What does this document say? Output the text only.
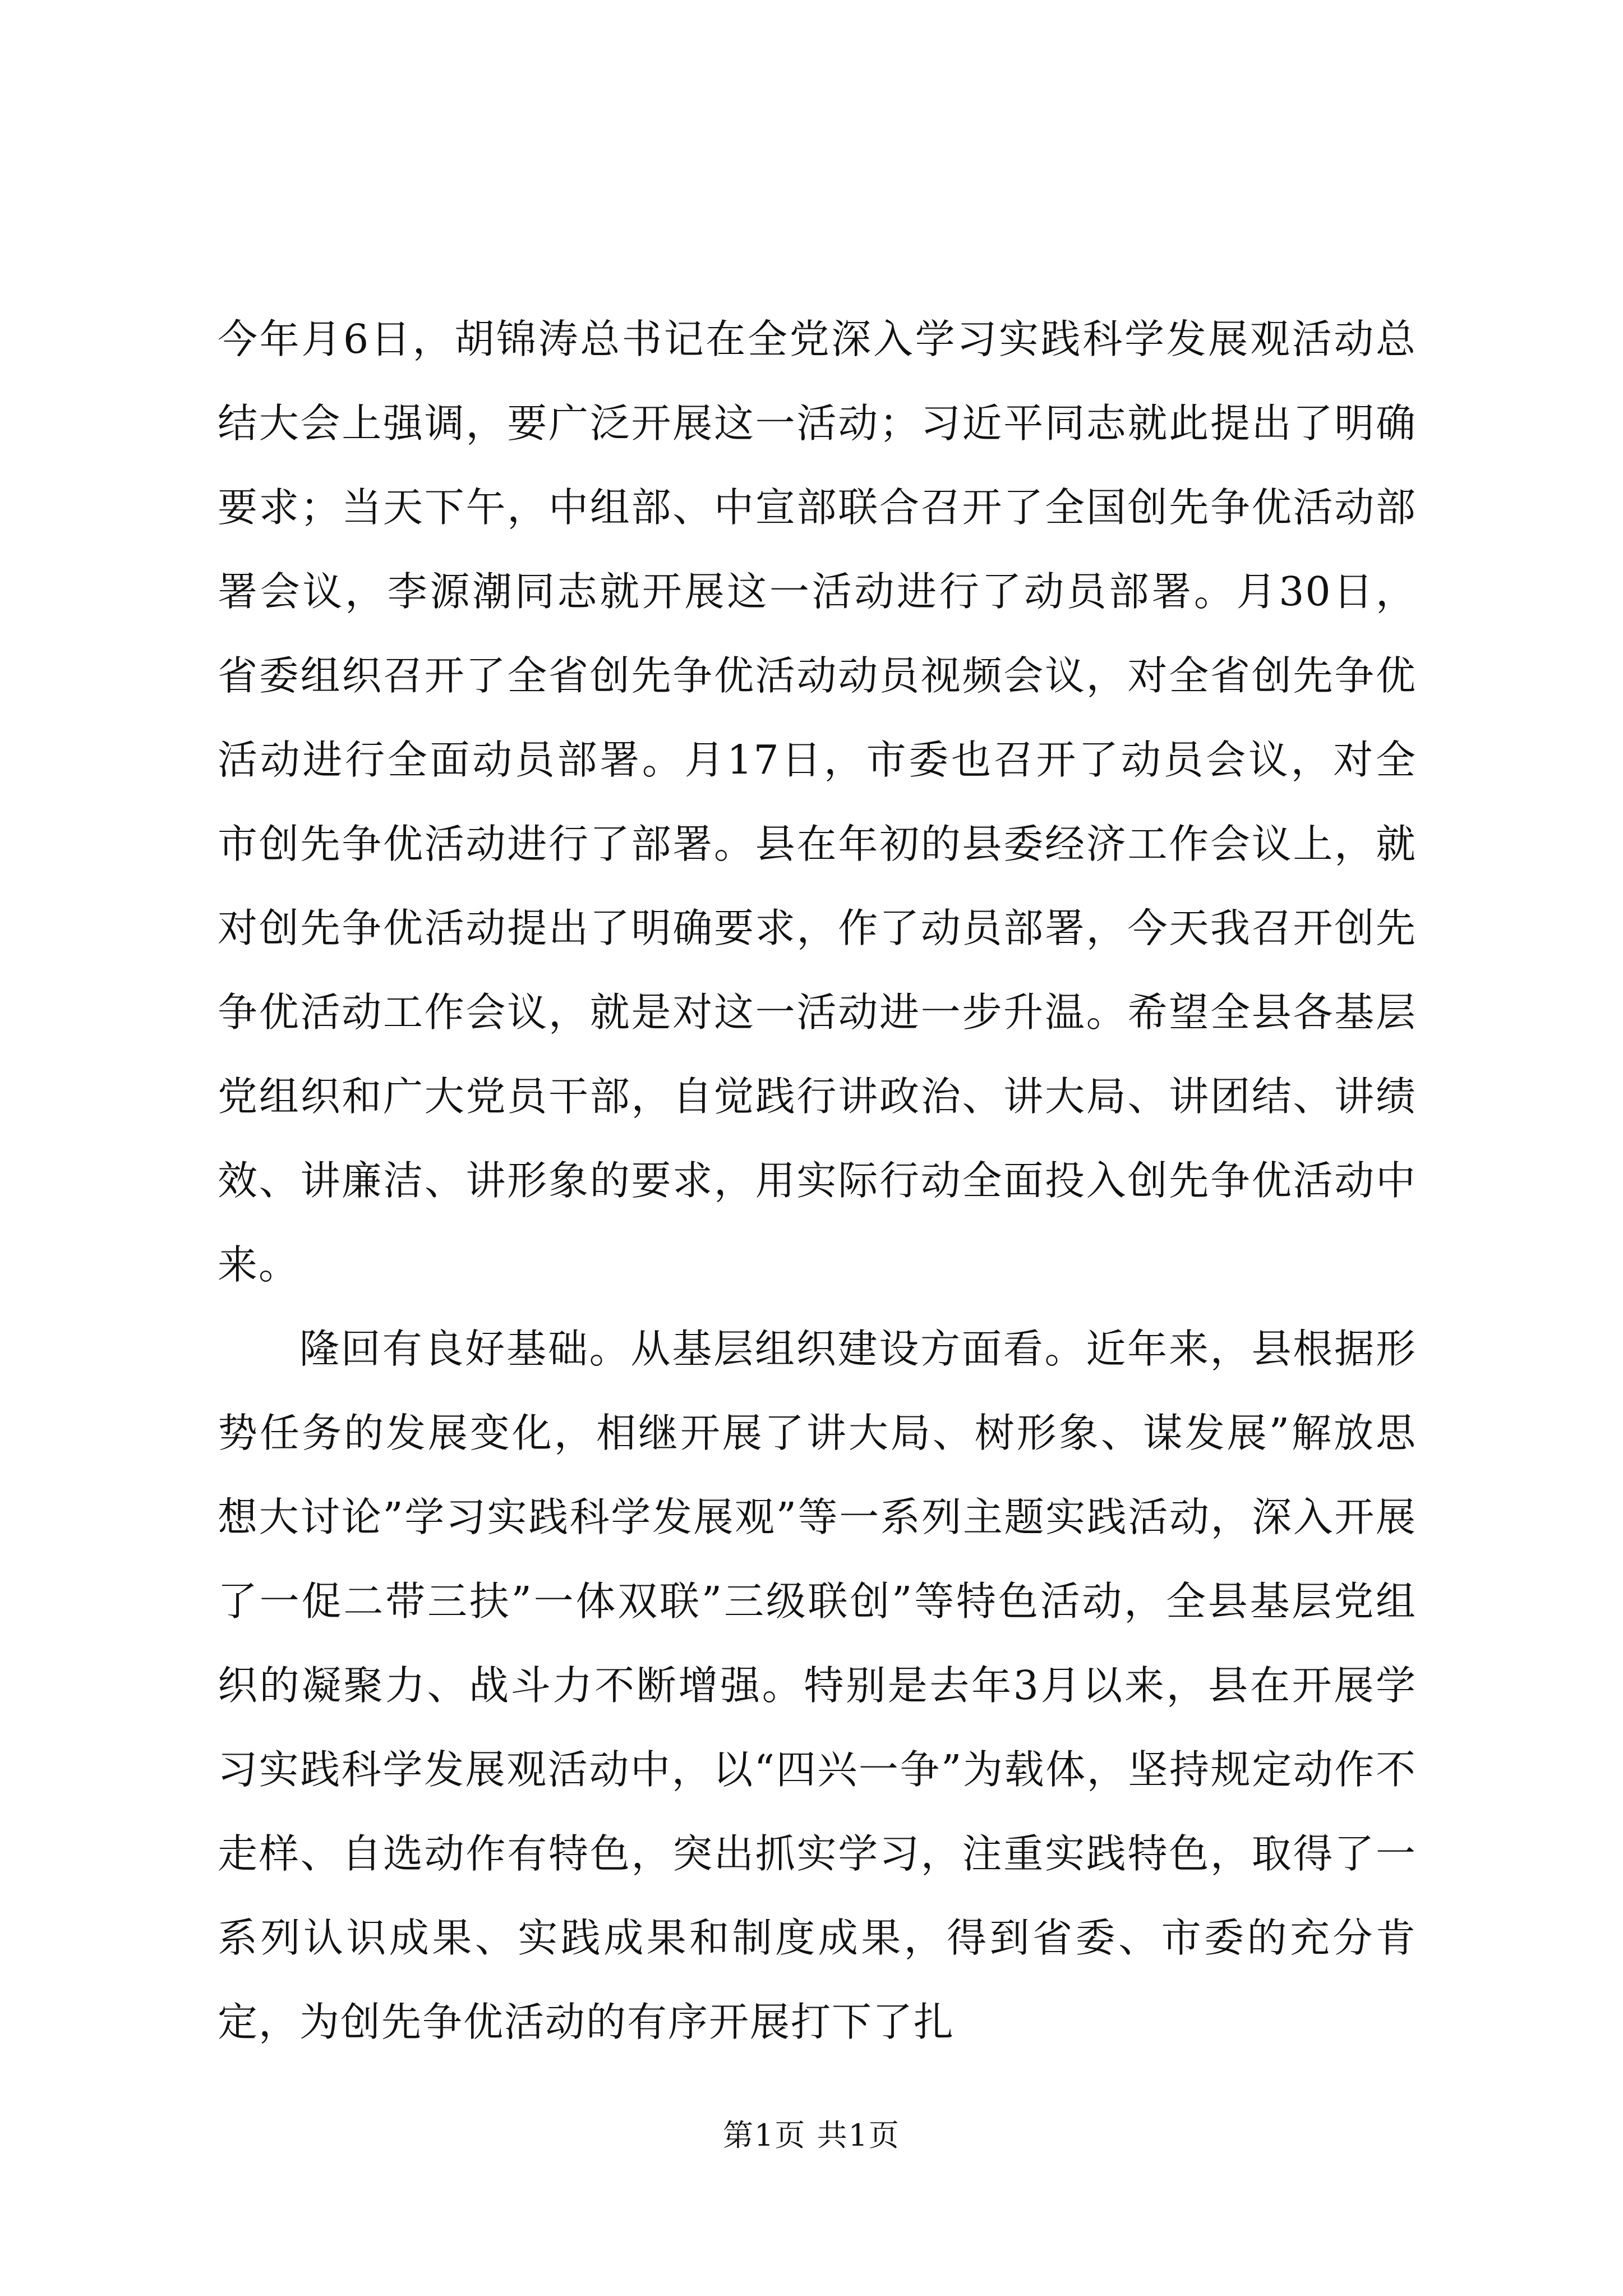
今年月6日，胡锦涛总书记在全党深入学习实践科学发展观活动总结大会上强调，要广泛开展这一活动；习近平同志就此提出了明确要求；当天下午，中组部、中宣部联合召开了全国创先争优活动部署会议，李源潮同志就开展这一活动进行了动员部署。月30日，省委组织召开了全省创先争优活动动员视频会议，对全省创先争优活动进行全面动员部署。月17日，市委也召开了动员会议，对全市创先争优活动进行了部署。县在年初的县委经济工作会议上，就对创先争优活动提出了明确要求，作了动员部署，今天我召开创先争优活动工作会议，就是对这一活动进一步升温。希望全县各基层党组织和广大党员干部，自觉践行讲政治、讲大局、讲团结、讲绩效、讲廉洁、讲形象的要求，用实际行动全面投入创先争优活动中来。

隆回有良好基础。从基层组织建设方面看。近年来，县根据形势任务的发展变化，相继开展了讲大局、树形象、谋发展”解放思想大讨论”学习实践科学发展观”等一系列主题实践活动，深入开展了一促二带三扶”一体双联”三级联创”等特色活动，全县基层党组织的凝聚力、战斗力不断增强。特别是去年3月以来，县在开展学习实践科学发展观活动中，以“四兴一争”为载体，坚持规定动作不走样、自选动作有特色，突出抓实学习，注重实践特色，取得了一系列认识成果、实践成果和制度成果，得到省委、市委的充分肯定，为创先争优活动的有序开展打下了扎

第1页 共1页
